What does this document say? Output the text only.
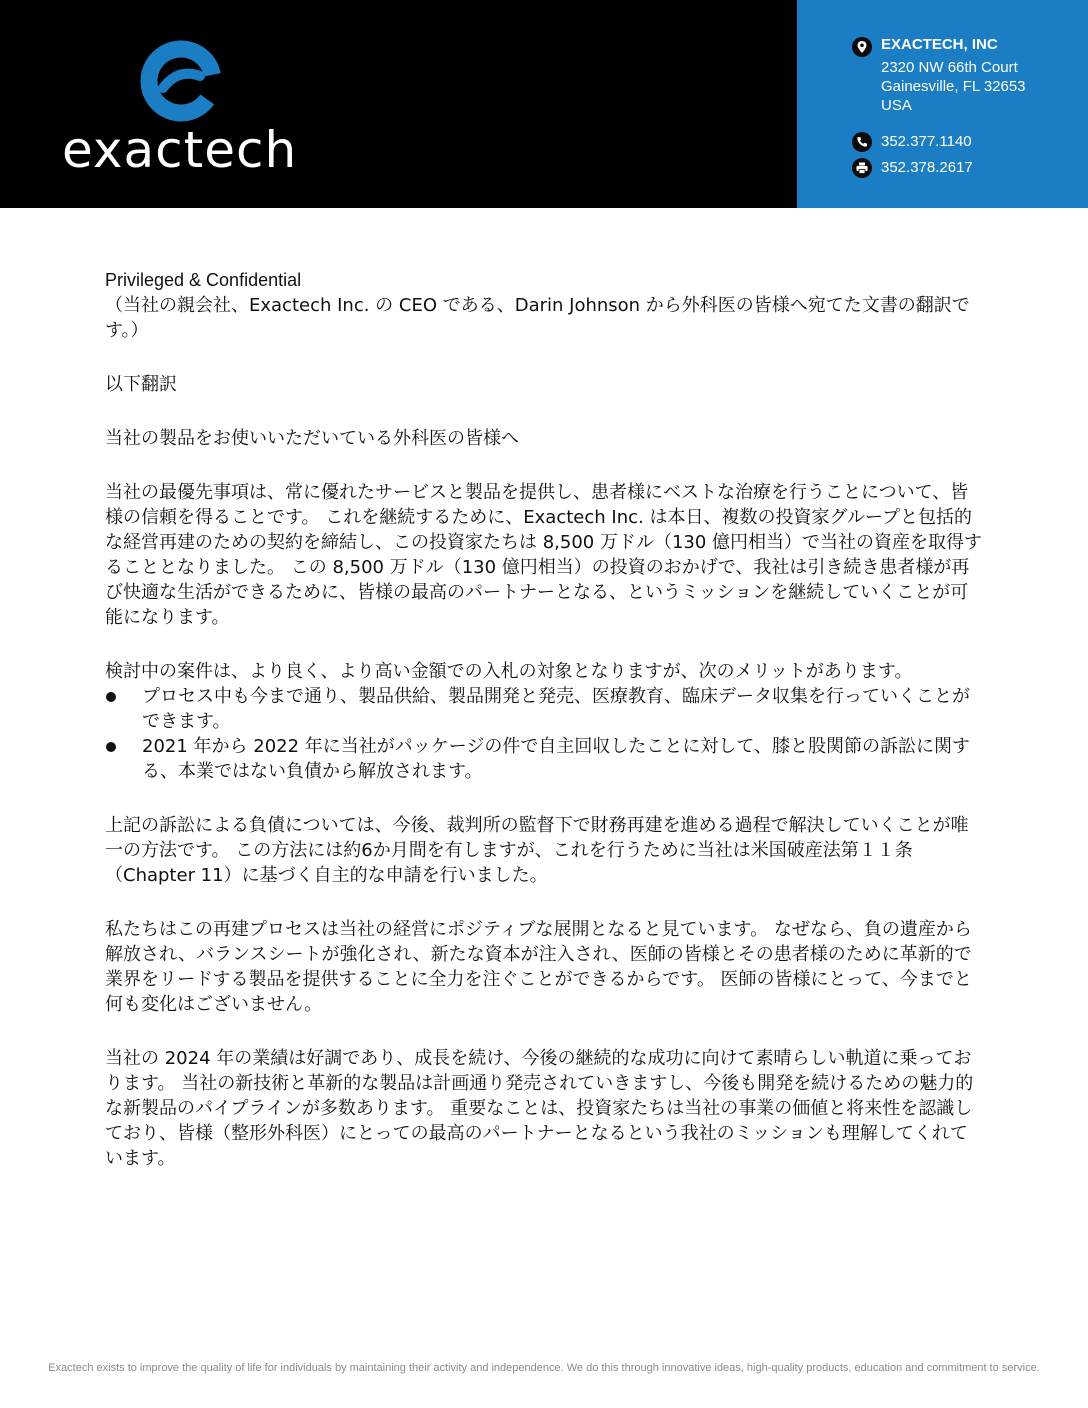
exactech
EXACTECH, INC
2320 NW 66th Court
Gainesville, FL 32653
USA
352.377.1140
352.378.2617

Privileged & Confidential

（当社の親会社、Exactech Inc. の CEO である、Darin Johnson から外科医の皆様へ宛てた文書の翻訳です。）

以下翻訳

当社の製品をお使いいただいている外科医の皆様へ

当社の最優先事項は、常に優れたサービスと製品を提供し、患者様にベストな治療を行うことについて、皆様の信頼を得ることです。 これを継続するために、Exactech Inc. は本日、複数の投資家グループと包括的な経営再建のための契約を締結し、この投資家たちは 8,500 万ドル（130 億円相当）で当社の資産を取得することとなりました。 この 8,500 万ドル（130 億円相当）の投資のおかげで、我社は引き続き患者様が再び快適な生活ができるために、皆様の最高のパートナーとなる、というミッションを継続していくことが可能になります。

検討中の案件は、より良く、より高い金額での入札の対象となりますが、次のメリットがあります。

プロセス中も今まで通り、製品供給、製品開発と発売、医療教育、臨床データ収集を行っていくことができます。
2021 年から 2022 年に当社がパッケージの件で自主回収したことに対して、膝と股関節の訴訟に関する、本業ではない負債から解放されます。

上記の訴訟による負債については、今後、裁判所の監督下で財務再建を進める過程で解決していくことが唯一の方法です。 この方法には約6か月間を有しますが、これを行うために当社は米国破産法第１１条（Chapter 11）に基づく自主的な申請を行いました。

私たちはこの再建プロセスは当社の経営にポジティブな展開となると見ています。 なぜなら、負の遺産から解放され、バランスシートが強化され、新たな資本が注入され、医師の皆様とその患者様のために革新的で業界をリードする製品を提供することに全力を注ぐことができるからです。 医師の皆様にとって、今までと何も変化はございません。

当社の 2024 年の業績は好調であり、成長を続け、今後の継続的な成功に向けて素晴らしい軌道に乗っております。 当社の新技術と革新的な製品は計画通り発売されていきますし、今後も開発を続けるための魅力的な新製品のパイプラインが多数あります。 重要なことは、投資家たちは当社の事業の価値と将来性を認識しており、皆様（整形外科医）にとっての最高のパートナーとなるという我社のミッションも理解してくれています。

Exactech exists to improve the quality of life for individuals by maintaining their activity and independence. We do this through innovative ideas, high-quality products, education and commitment to service.
